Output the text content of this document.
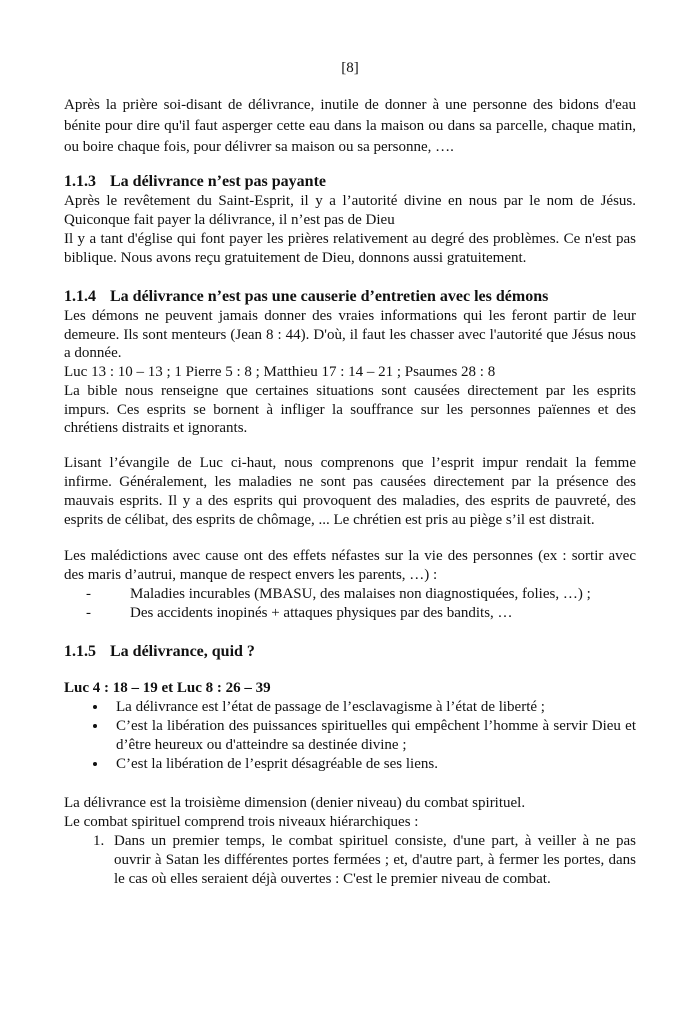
[8]
Après la prière soi-disant de délivrance, inutile de donner à une personne des bidons d'eau bénite pour dire qu'il faut asperger cette eau dans la maison ou dans sa parcelle, chaque matin, ou boire chaque fois, pour délivrer sa maison ou sa personne, ….
1.1.3 La délivrance n’est pas payante

Après le revêtement du Saint-Esprit, il y a l’autorité divine en nous par le nom de Jésus. Quiconque fait payer la délivrance, il n’est pas de Dieu

Il y a tant d'église qui font payer les prières relativement au degré des problèmes. Ce n'est pas biblique. Nous avons reçu gratuitement de Dieu, donnons aussi gratuitement.

1.1.4 La délivrance n’est pas une causerie d’entretien avec les démons

Les démons ne peuvent jamais donner des vraies informations qui les feront partir de leur demeure. Ils sont menteurs (Jean 8 : 44). D'où, il faut les chasser avec l'autorité que Jésus nous a donnée.

Luc 13 : 10 – 13 ; 1 Pierre 5 : 8 ; Matthieu 17 : 14 – 21 ; Psaumes 28 : 8

La bible nous renseigne que certaines situations sont causées directement par les esprits impurs. Ces esprits se bornent à infliger la souffrance sur les personnes païennes et des chrétiens distraits et ignorants.

Lisant l’évangile de Luc ci-haut, nous comprenons que l’esprit impur rendait la femme infirme. Généralement, les maladies ne sont pas causées directement par la présence des mauvais esprits. Il y a des esprits qui provoquent des maladies, des esprits de pauvreté, des esprits de célibat, des esprits de chômage, ... Le chrétien est pris au piège s’il est distrait.

Les malédictions avec cause ont des effets néfastes sur la vie des personnes (ex : sortir avec des maris d’autrui, manque de respect envers les parents, …) :

- Maladies incurables (MBASU, des malaises non diagnostiquées, folies, …) ;
- Des accidents inopinés + attaques physiques par des bandits, …
1.1.5 La délivrance, quid ?

Luc 4 : 18 – 19 et Luc 8 : 26 – 39

• La délivrance est l’état de passage de l’esclavagisme à l’état de liberté ;
• C’est la libération des puissances spirituelles qui empêchent l’homme à servir Dieu et d’être heureux ou d'atteindre sa destinée divine ;
• C’est la libération de l’esprit désagréable de ses liens.

La délivrance est la troisième dimension (denier niveau) du combat spirituel.

Le combat spirituel comprend trois niveaux hiérarchiques :

1. Dans un premier temps, le combat spirituel consiste, d'une part, à veiller à ne pas ouvrir à Satan les différentes portes fermées ; et, d'autre part, à fermer les portes, dans le cas où elles seraient déjà ouvertes : C'est le premier niveau de combat.
